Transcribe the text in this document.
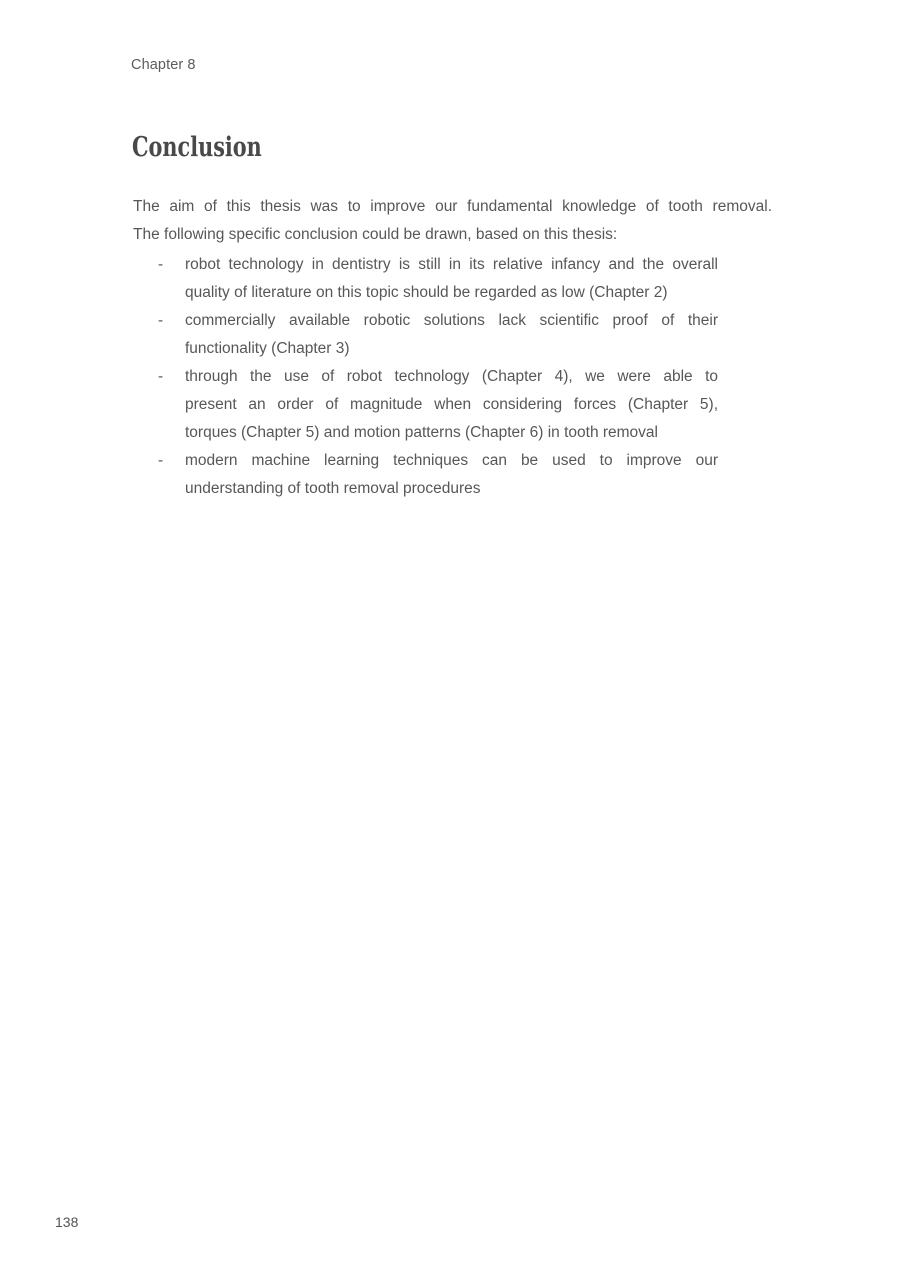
Chapter 8
Conclusion
The aim of this thesis was to improve our fundamental knowledge of tooth removal.
The following specific conclusion could be drawn, based on this thesis:
- robot technology in dentistry is still in its relative infancy and the overall
quality of literature on this topic should be regarded as low (Chapter 2)
- commercially available robotic solutions lack scientific proof of their
functionality (Chapter 3)
- through the use of robot technology (Chapter 4), we were able to
present an order of magnitude when considering forces (Chapter 5),
torques (Chapter 5) and motion patterns (Chapter 6) in tooth removal
- modern machine learning techniques can be used to improve our
understanding of tooth removal procedures
138
